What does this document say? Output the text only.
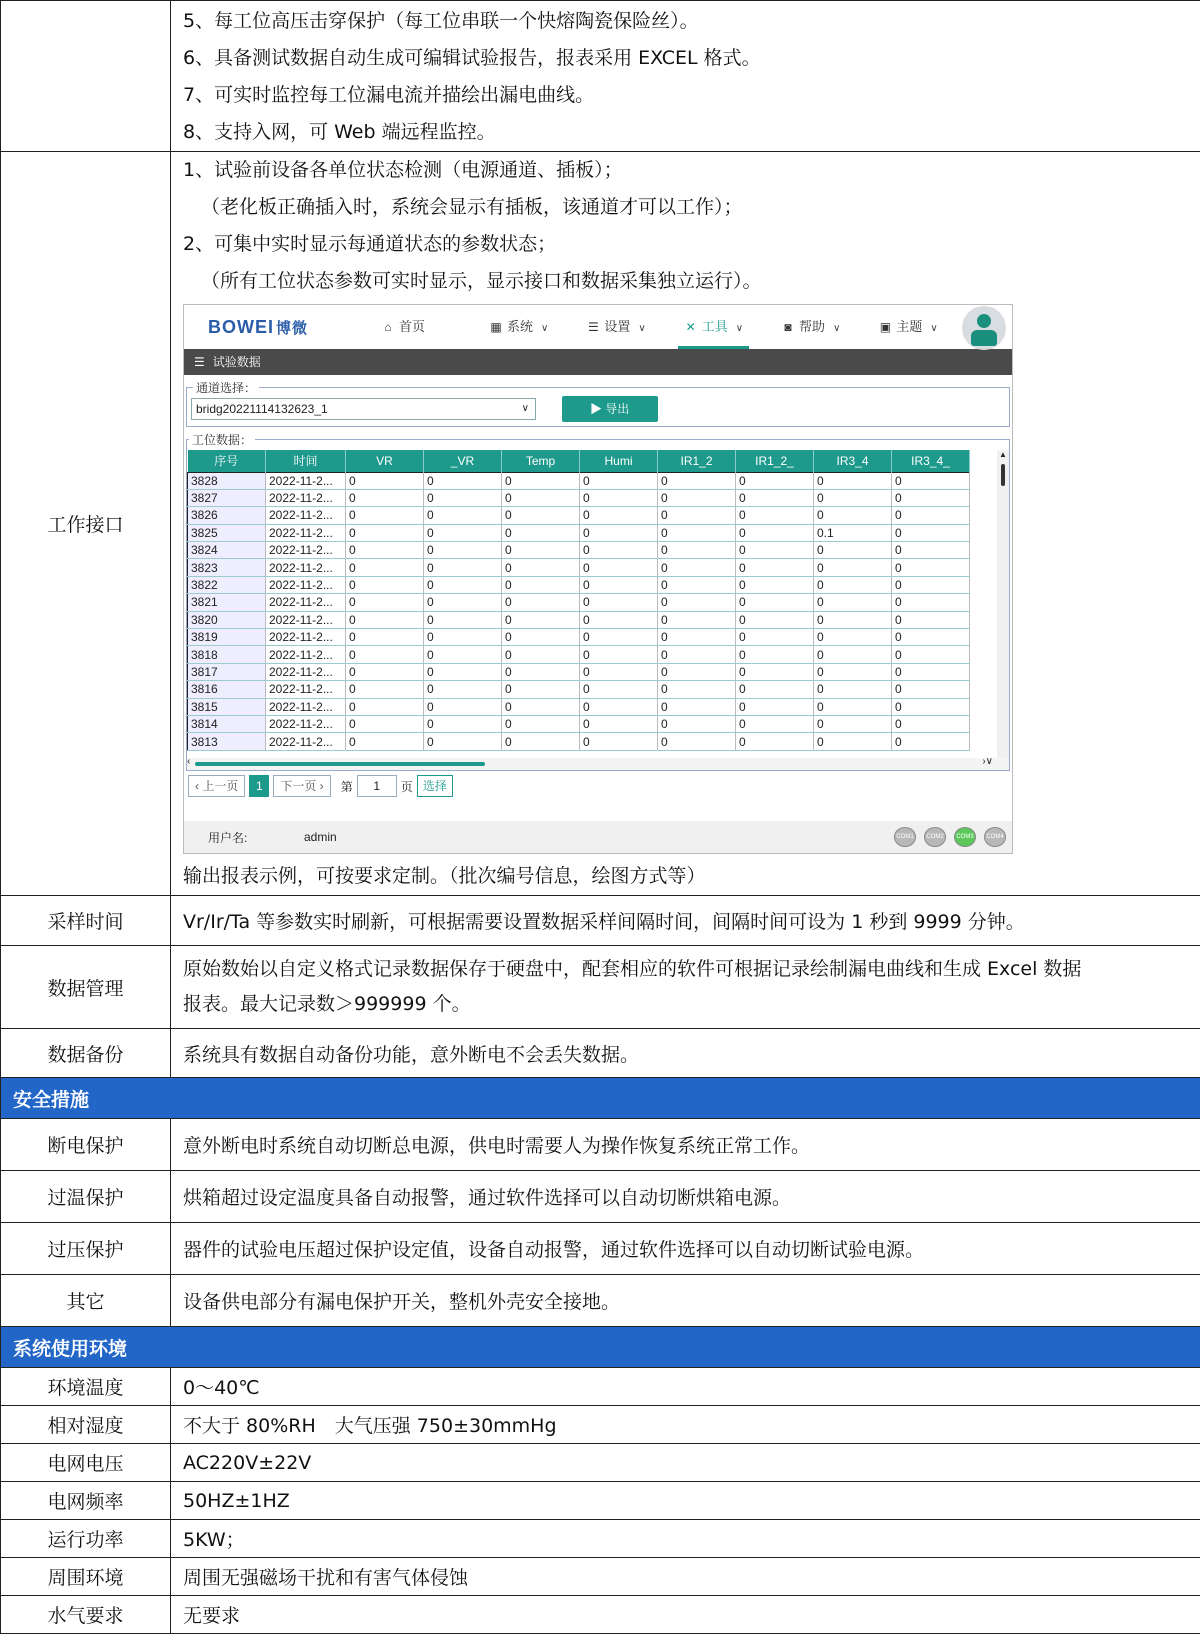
5、每工位高压击穿保护（每工位串联一个快熔陶瓷保险丝）。
6、具备测试数据自动生成可编辑试验报告，报表采用 EXCEL 格式。
7、可实时监控每工位漏电流并描绘出漏电曲线。
8、支持入网，可 Web 端远程监控。

工作接口	
1、试验前设备各单位状态检测（电源通道、插板）；
（老化板正确插入时，系统会显示有插板，该通道才可以工作）；
2、可集中实时显示每通道状态的参数状态；
（所有工位状态参数可实时显示，显示接口和数据采集独立运行）。
BOWEI 博微	⌂ 首页	▦ 系统 ∨	☰ 设置 ∨	✕ 工具 ∨	◙ 帮助 ∨	▣ 主题 ∨
☰ 试验数据
通道选择：
bridg20221114132623_1	∨	▶ 导出
工位数据：
序号	时间	VR	_VR	Temp	Humi	IR1_2	IR1_2_	IR3_4	IR3_4_
3828	2022-11-2...	0	0	0	0	0	0	0	0
3827	2022-11-2...	0	0	0	0	0	0	0	0
3826	2022-11-2...	0	0	0	0	0	0	0	0
3825	2022-11-2...	0	0	0	0	0	0	0.1	0
3824	2022-11-2...	0	0	0	0	0	0	0	0
3823	2022-11-2...	0	0	0	0	0	0	0	0
3822	2022-11-2...	0	0	0	0	0	0	0	0
3821	2022-11-2...	0	0	0	0	0	0	0	0
3820	2022-11-2...	0	0	0	0	0	0	0	0
3819	2022-11-2...	0	0	0	0	0	0	0	0
3818	2022-11-2...	0	0	0	0	0	0	0	0
3817	2022-11-2...	0	0	0	0	0	0	0	0
3816	2022-11-2...	0	0	0	0	0	0	0	0
3815	2022-11-2...	0	0	0	0	0	0	0	0
3814	2022-11-2...	0	0	0	0	0	0	0	0
3813	2022-11-2...	0	0	0	0	0	0	0	0
▲
‹	›∨
‹ 上一页	1	下一页 ›	第	1	页 选择
用户名:	admin	COM1	COM2	COM3	COM4
输出报表示例，可按要求定制。（批次编号信息，绘图方式等）

采样时间	Vr/Ir/Ta 等参数实时刷新，可根据需要设置数据采样间隔时间，间隔时间可设为 1 秒到 9999 分钟。
数据管理	
原始数始以自定义格式记录数据保存于硬盘中，配套相应的软件可根据记录绘制漏电曲线和生成 Excel 数据
报表。最大记录数＞999999 个。

数据备份	系统具有数据自动备份功能，意外断电不会丢失数据。
安全措施
断电保护	意外断电时系统自动切断总电源，供电时需要人为操作恢复系统正常工作。
过温保护	烘箱超过设定温度具备自动报警，通过软件选择可以自动切断烘箱电源。
过压保护	器件的试验电压超过保护设定值，设备自动报警，通过软件选择可以自动切断试验电源。
其它	设备供电部分有漏电保护开关，整机外壳安全接地。
系统使用环境
环境温度	0～40℃
相对湿度	不大于 80%RH　大气压强 750±30mmHg
电网电压	AC220V±22V
电网频率	50HZ±1HZ
运行功率	5KW；
周围环境	周围无强磁场干扰和有害气体侵蚀
水气要求	无要求
